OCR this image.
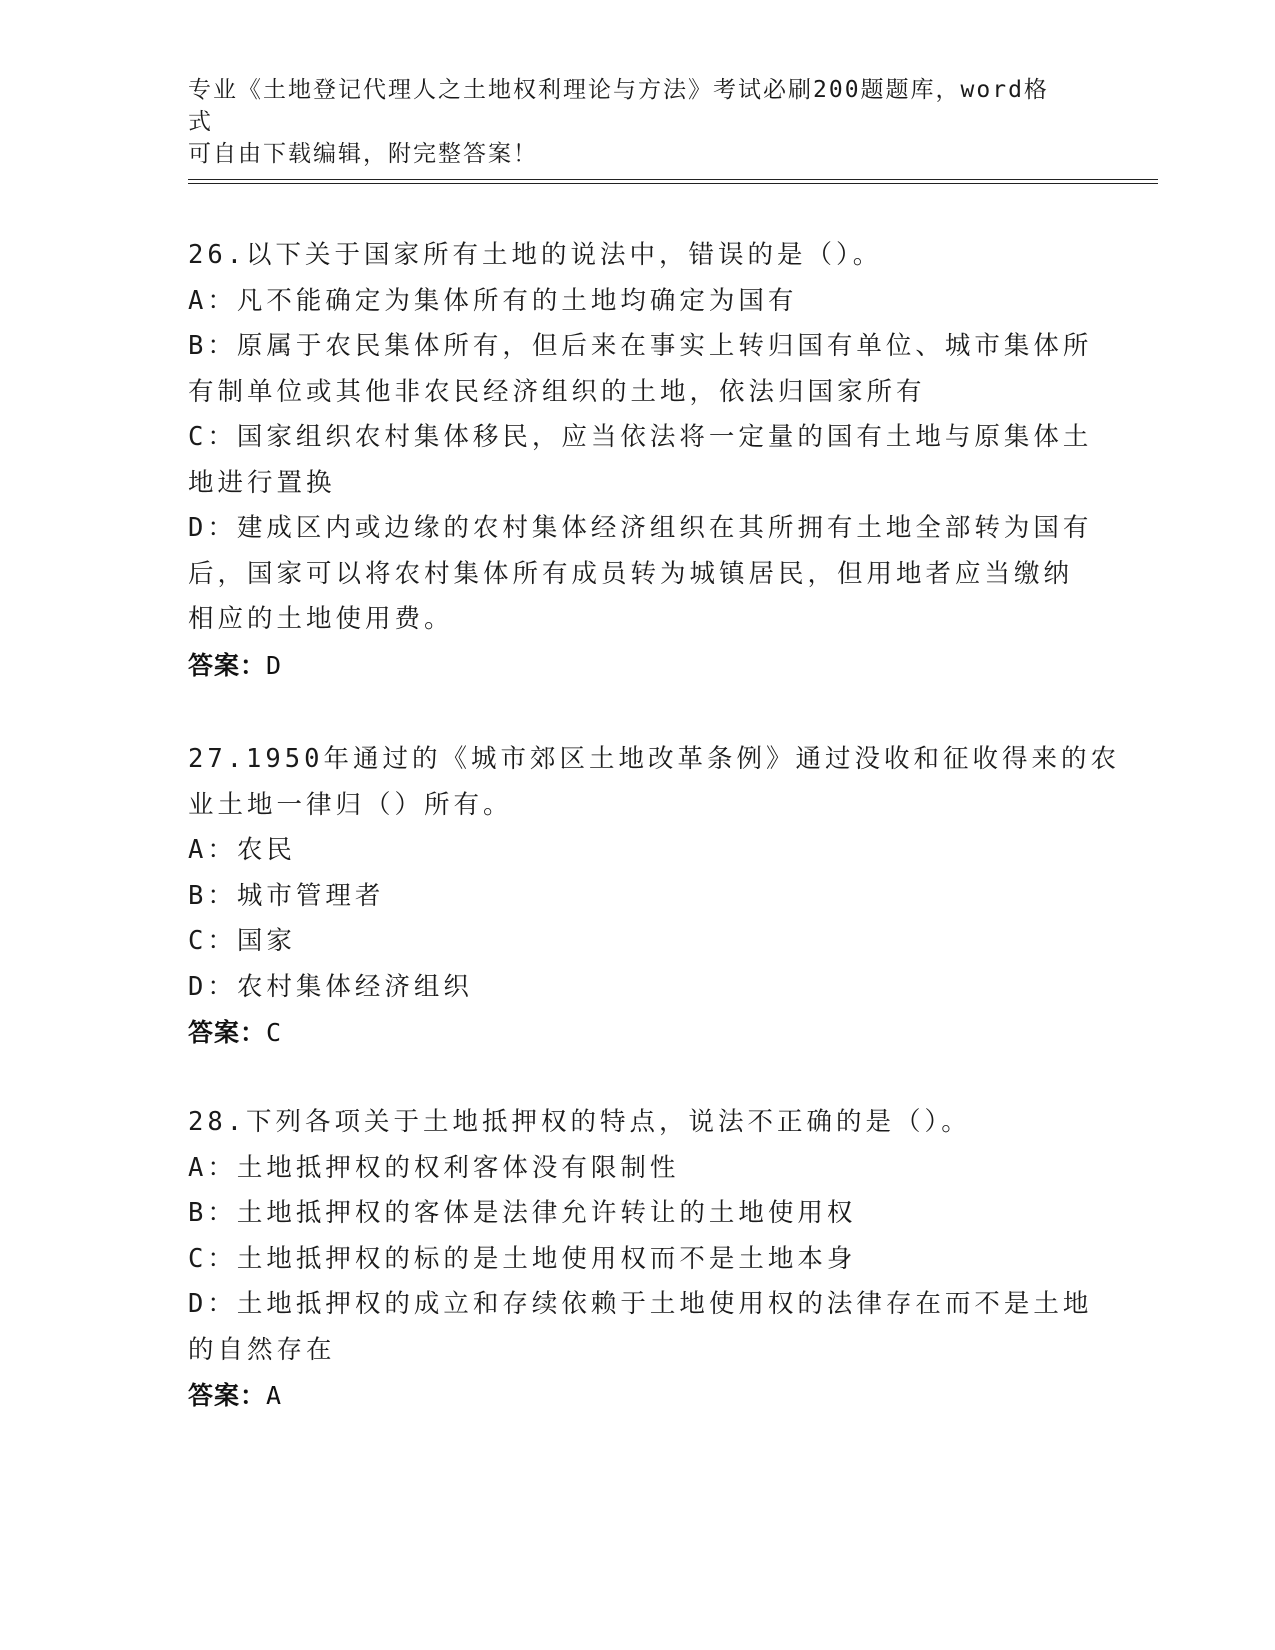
专业《土地登记代理人之土地权利理论与方法》考试必刷200题题库，word格式
可自由下载编辑，附完整答案！
26.以下关于国家所有土地的说法中，错误的是（）。
A：凡不能确定为集体所有的土地均确定为国有
B：原属于农民集体所有，但后来在事实上转归国有单位、城市集体所
有制单位或其他非农民经济组织的土地，依法归国家所有
C：国家组织农村集体移民，应当依法将一定量的国有土地与原集体土
地进行置换
D：建成区内或边缘的农村集体经济组织在其所拥有土地全部转为国有
后，国家可以将农村集体所有成员转为城镇居民，但用地者应当缴纳
相应的土地使用费。
答案：D
27.1950年通过的《城市郊区土地改革条例》通过没收和征收得来的农
业土地一律归（）所有。
A：农民
B：城市管理者
C：国家
D：农村集体经济组织
答案：C
28.下列各项关于土地抵押权的特点，说法不正确的是（）。
A：土地抵押权的权利客体没有限制性
B：土地抵押权的客体是法律允许转让的土地使用权
C：土地抵押权的标的是土地使用权而不是土地本身
D：土地抵押权的成立和存续依赖于土地使用权的法律存在而不是土地
的自然存在
答案：A
